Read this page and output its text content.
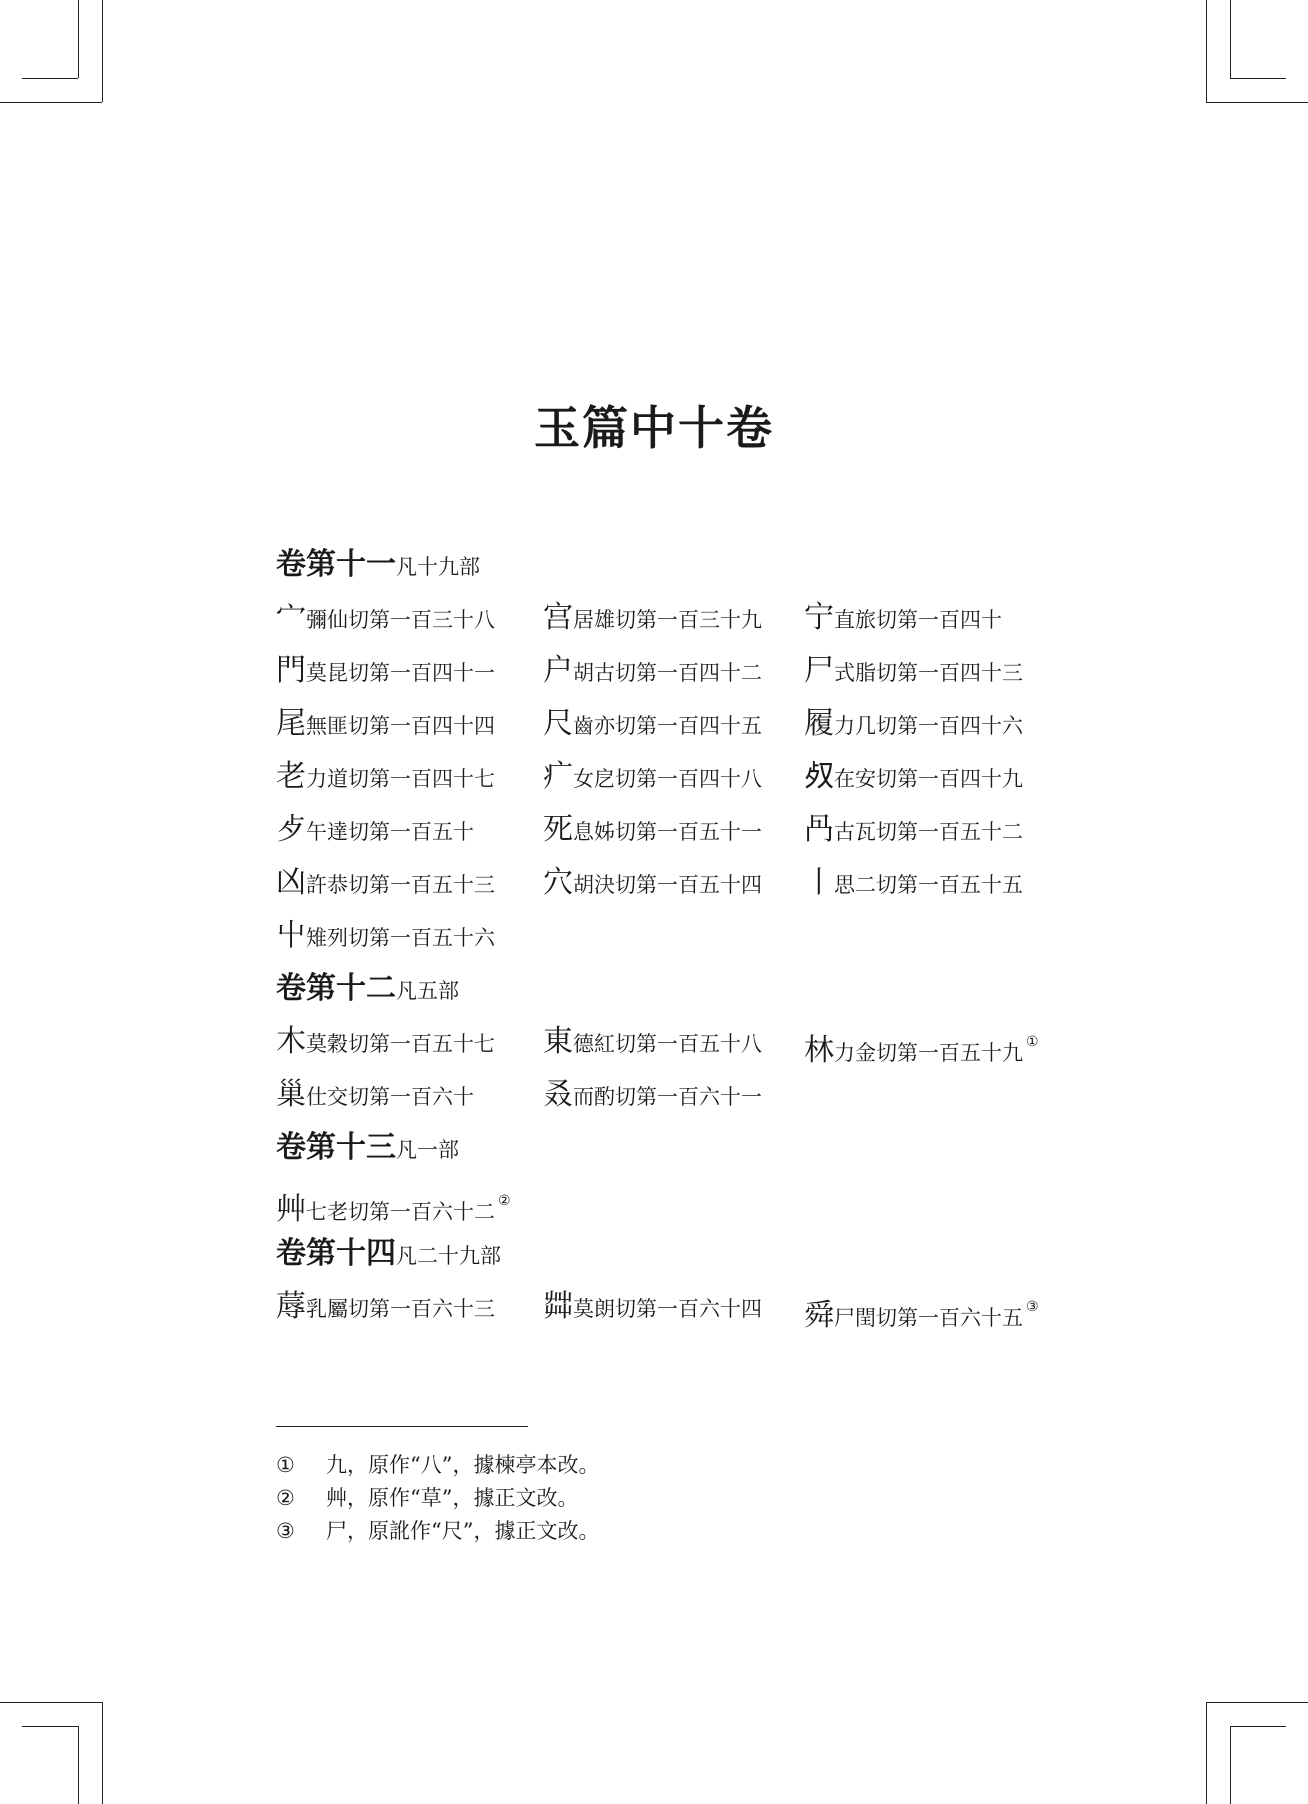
玉篇中十卷
卷第十一凡十九部
宀彌仙切第一百三十八 宫居雄切第一百三十九 宁直旅切第一百四十
門莫昆切第一百四十一 户胡古切第一百四十二 尸式脂切第一百四十三
尾無匪切第一百四十四 尺齒亦切第一百四十五 履力几切第一百四十六
老力道切第一百四十七 疒女戹切第一百四十八 𣦼在安切第一百四十九
歺午達切第一百五十 死息姊切第一百五十一 冎古瓦切第一百五十二
凶許恭切第一百五十三 穴胡決切第一百五十四 丨思二切第一百五十五
屮雉列切第一百五十六
卷第十二凡五部
木莫穀切第一百五十七 東德紅切第一百五十八 林力金切第一百五十九 ①
巢仕交切第一百六十 叒而酌切第一百六十一
卷第十三凡一部
艸七老切第一百六十二 ②
卷第十四凡二十九部
蓐乳屬切第一百六十三 茻莫朗切第一百六十四 舜尸閏切第一百六十五 ③
① 九，原作“八”，據楝亭本改。
② 艸，原作“草”，據正文改。
③ 尸，原訛作“尺”，據正文改。
